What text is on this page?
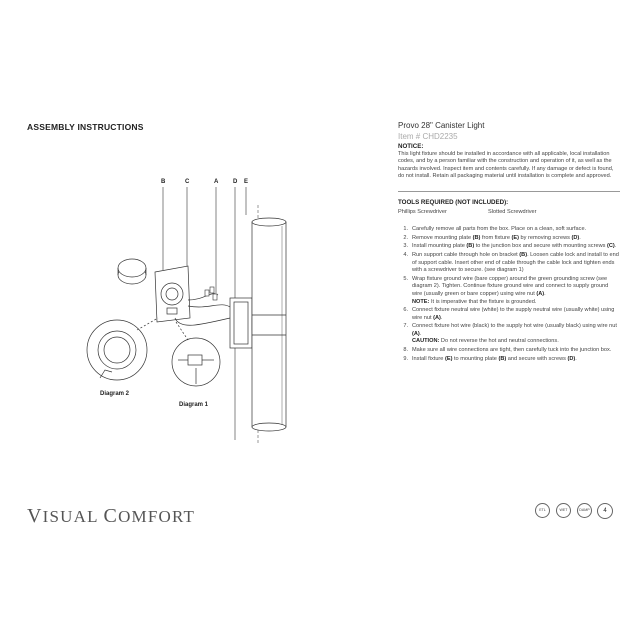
ASSEMBLY INSTRUCTIONS
B	C	A D E
Diagram 2
Diagram 1
Provo 28" Canister Light
Item # CHD2235
NOTICE:

This light fixture should be installed in accordance with all applicable, local installation codes, and by a person familiar with the construction and operation of it, as well as the hazards involved. Inspect item and contents carefully. If any damage or defect is found, do not install. Retain all packaging material until installation is complete and approved.

TOOLS REQUIRED (NOT INCLUDED):
Phillips Screwdriver	Slotted Screwdriver
1. Carefully remove all parts from the box. Place on a clean, soft surface.
2. Remove mounting plate (B) from fixture (E) by removing screws (D).
3. Install mounting plate (B) to the junction box and secure with mounting screws (C).
4. Run support cable through hole on bracket (B). Loosen cable lock and install to end of support cable. Insert other end of cable through the cable lock and tighten ends with a screwdriver to secure. (see diagram 1)
5. Wrap fixture ground wire (bare copper) around the green grounding screw (see diagram 2). Tighten. Continue fixture ground wire and connect to supply ground wire (usually green or bare copper) using wire nut (A).
NOTE: It is imperative that the fixture is grounded.
6. Connect fixture neutral wire (white) to the supply neutral wire (usually white) using wire nut (A).
7. Connect fixture hot wire (black) to the supply hot wire (usually black) using wire nut (A).
CAUTION: Do not reverse the hot and neutral connections.
8. Make sure all wire connections are tight, then carefully tuck into the junction box.
9. Install fixture (E) to mounting plate (B) and secure with screws (D).
VISUAL COMFORT	ETL	WET	DAMP	4
